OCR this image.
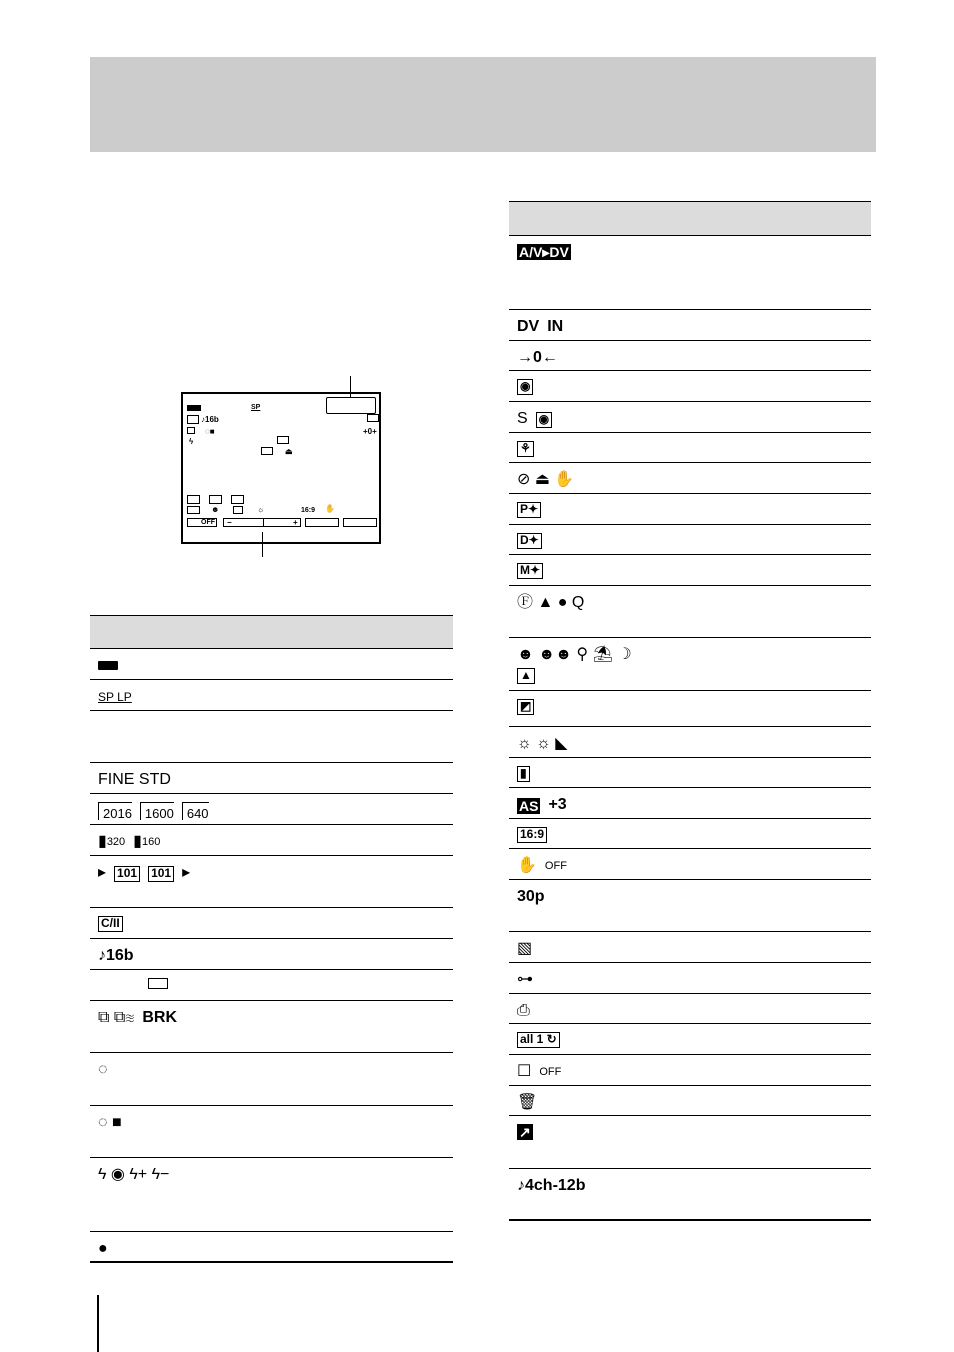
SP
♪16b
◌■
ϟ
⏏
+0+
☻	☼	16:9 ✋
OFF −	+
SP LP
FINE STD
2016	1600	640
▮ 320 ▮ 160
▸ 101 101 ▸
C/II
♪16b
⧉ ⧉≋ BRK
◌
◌ ■
ϟ ◉ ϟ+ ϟ−
●
A/V▸DV
DV IN
→0←
◉
S ◉
⚘
⊘ ⏏ ✋
P✦
D✦
M✦
Ⓕ ▲ ● Q
☻ ☻☻ ⚲ ⛱ ☽
▲
◩
☼ ☼ ◣
▮
AS +3
16:9
✋ OFF
30p
▧
⊶
⎙
all 1 ↻
☐ OFF
🗑
↗
♪4ch-12b
